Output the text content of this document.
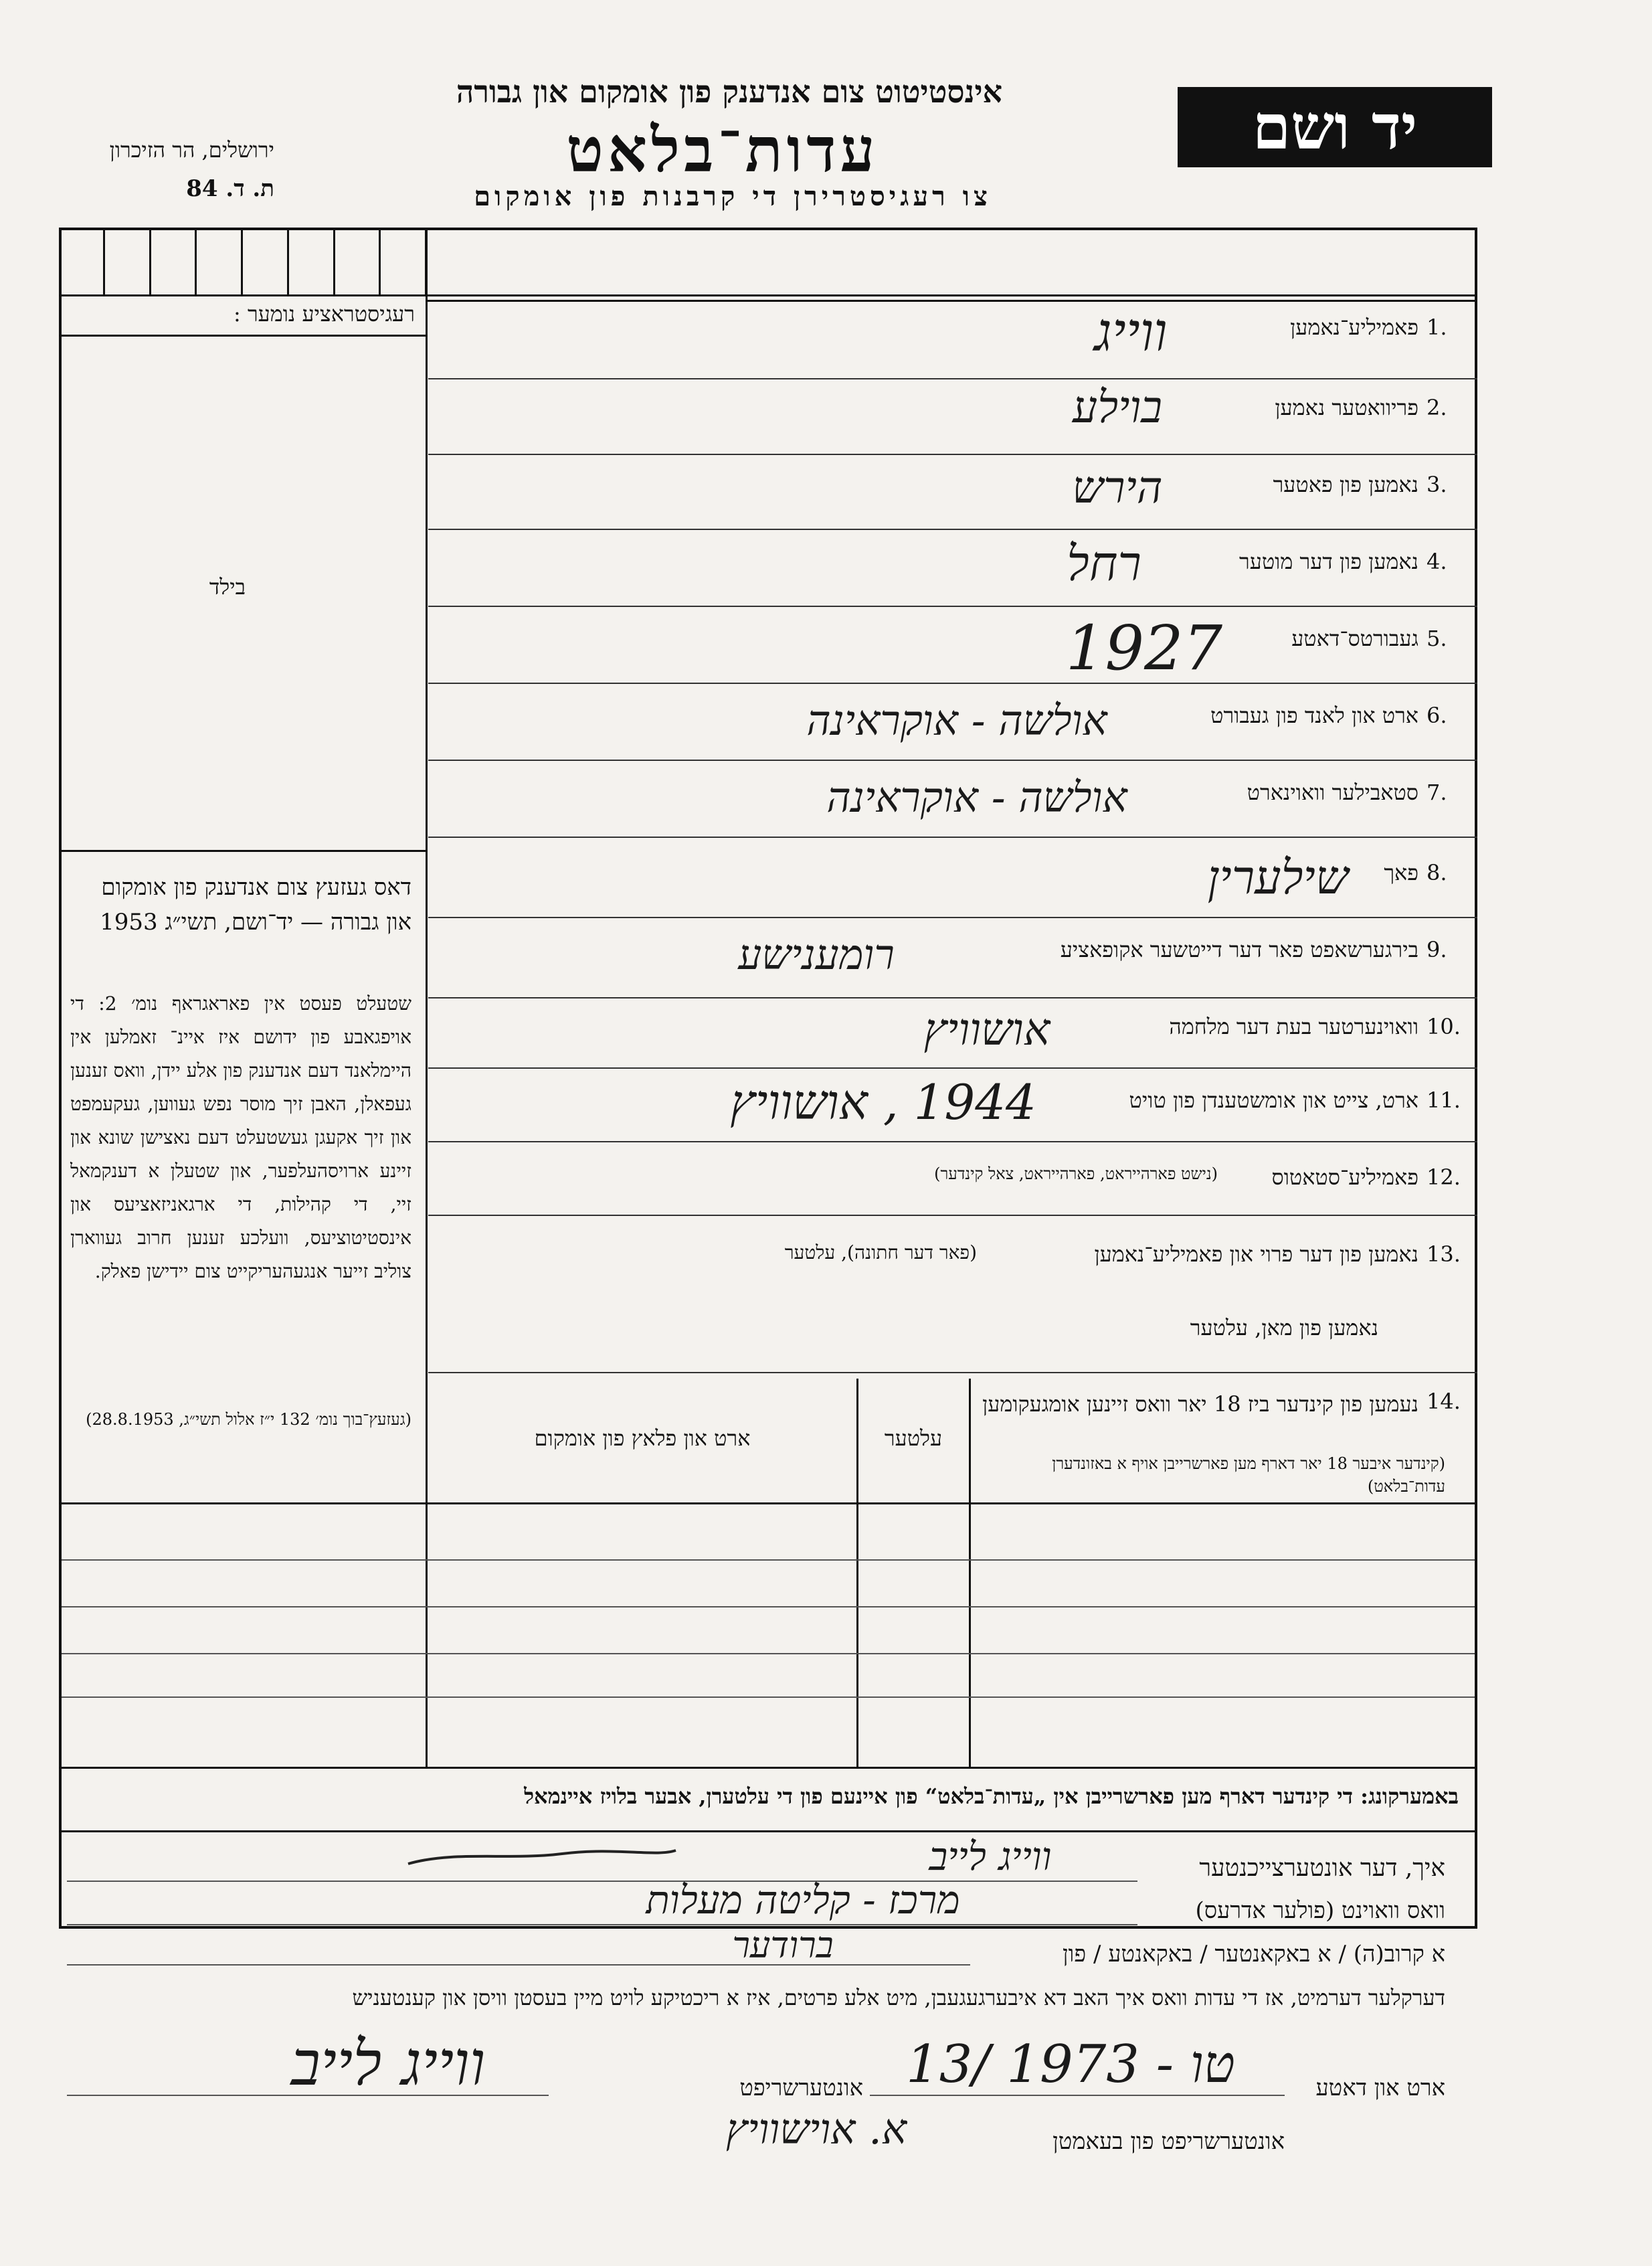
יד ושם
אינסטיטוט צום אנדענק פון אומקום און גבורה
עדות־בלאט
צו רעגיסטרירן די קרבנות פון אומקום
ירושלים, הר הזיכרון
ת. ד. 84
רעגיסטראציע נומער :
בילד
דאס געזעץ צום אנדענק פון אומקום און גבורה — יד־ושם, תשי״ג 1953
שטעלט פעסט אין פאראגראף נומ׳ 2: די אויפגאבע פון ידושם איז איינ־ זאמלען אין היימלאנד דעם אנדענק פון אלע יידן, וואס זענען געפאלן, האבן זיך מוסר נפש געווען, געקעמפט און זיך אקעגן געשטעלט דעם נאצישן שונא און זיינע ארויסהעלפער, און שטעלן א דענקמאל זיי, די קהילות, די ארגאניזאציעס און אינסטיטוציעס, וועלכע זענען חרוב געווארן צוליב זייער אנגעהעריקייט צום יידישן פאלק.
(געזעץ־בוך נומ׳ 132 י״ז אלול תשי״ג, 28.8.1953)
פאמיליע־נאמען 1.
ווייג
פריוואטער נאמען 2.
בוילע
נאמען פון פאטער 3.
הירש
נאמען פון דער מוטער 4.
רחל
געבורטס־דאטע 5.
1927
ארט און לאנד פון געבורט 6.
אולשה - אוקראינה
סטאבילער וואוינארט 7.
אולשה - אוקראינה
פאך 8.
שילערין
בירגערשאפט פאר דער דייטשער אקופאציע 9.
רומענישע
וואוינערטער בעת דער מלחמה 10.
אושוויץ
ארט, צייט און אומשטענדן פון טויט 11.
1944 , אושוויץ
פאמיליע־סטאטוס
(נישט פארהייראט, פארהייראט, צאל קינדער)	12.
נאמען פון דער פרוי און פאמיליע־נאמען
(פאר דער חתונה), עלטער	13.
נאמען פון מאן, עלטער
נעמען פון קינדער ביז 18 יאר וואס זיינען אומגעקומען 14.
(קינדער איבער 18 יאר דארף מען פארשרייבן אויף א באזונדערן עדות־בלאט)
עלטער
ארט און פלאץ פון אומקום
באמערקונג: די קינדער דארף מען פארשרייבן אין „עדות־בלאט“ פון איינעם פון די עלטערן, אבער בלויז איינמאל
איך, דער אונטערצייכנטער
ווייג לייב
וואס וואוינט (פולער אדרעס)
מרכז - קליטה מעלות
א קרוב(ה) / א באקאנטער / באקאנטע / פון
ברודער
דערקלער דערמיט, אז די עדות וואס איך האב דא איבערגעגעבן, מיט אלע פרטים, איז א ריכטיקע לויט מיין בעסטן וויסן און קענטעניש
ארט און דאטע
13/ טו - 1973
אונטערשריפט
ווייג לייב
אונטערשריפט פון בעאמטן
א. אוישוויץ
